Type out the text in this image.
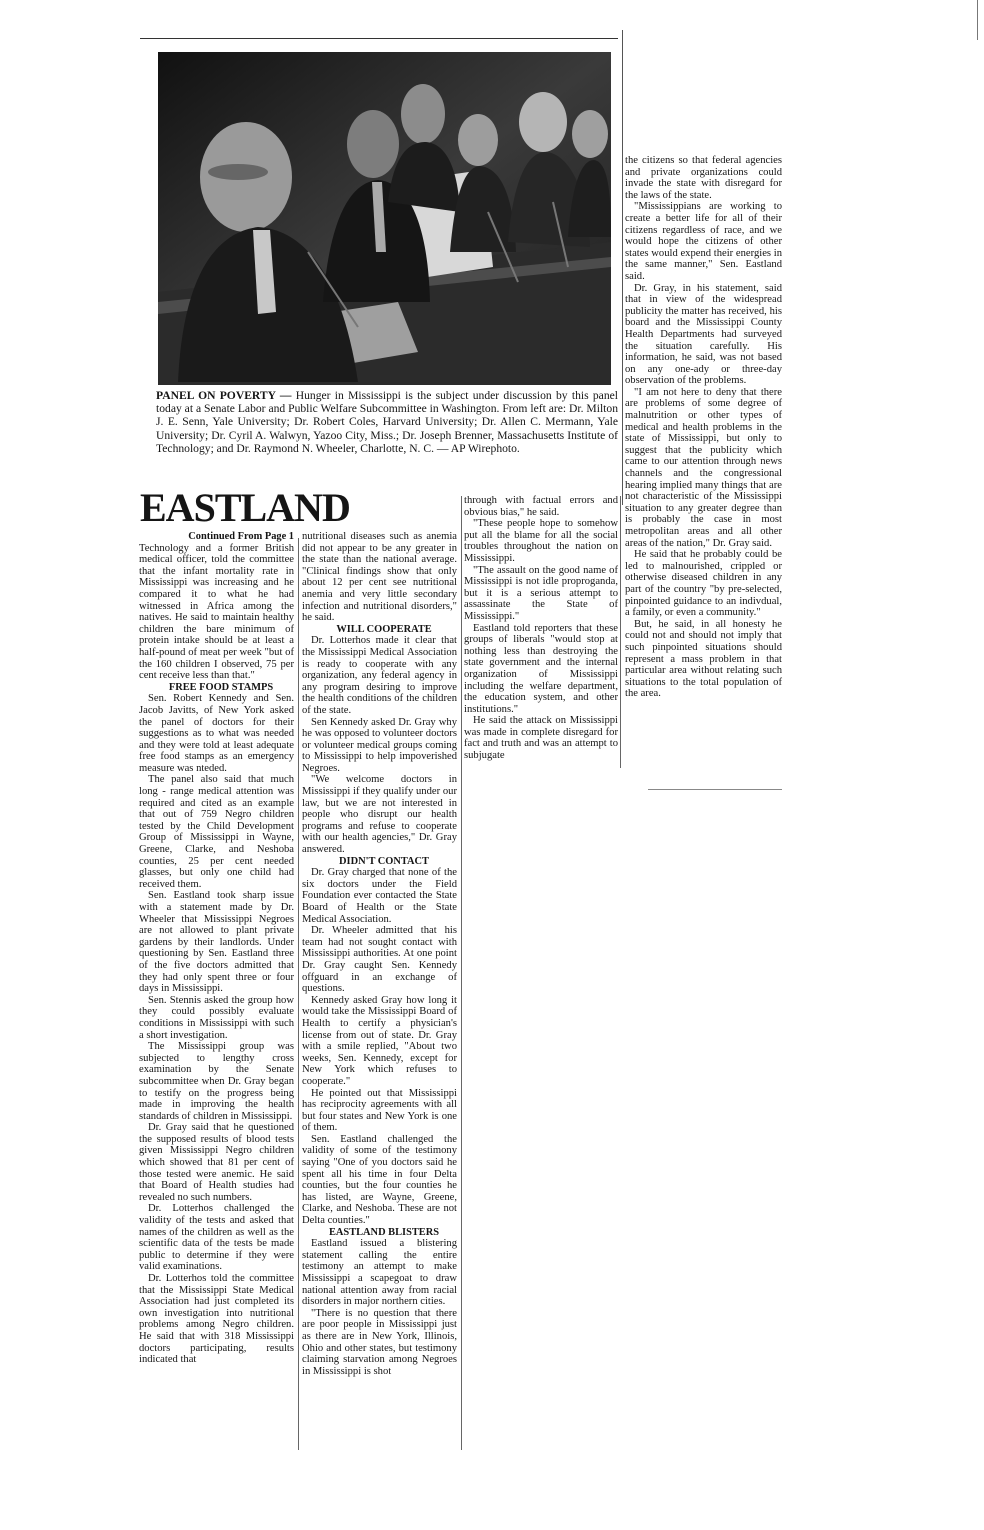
PANEL ON POVERTY — Hunger in Mississippi is the subject under discussion by this panel today at a Senate Labor and Public Welfare Subcommittee in Washington. From left are: Dr. Milton J. E. Senn, Yale University; Dr. Robert Coles, Harvard University; Dr. Allen C. Mermann, Yale University; Dr. Cyril A. Walwyn, Yazoo City, Miss.; Dr. Joseph Brenner, Massachusetts Institute of Technology; and Dr. Raymond N. Wheeler, Charlotte, N. C. — AP Wirephoto.
EASTLAND

Continued From Page 1

Technology and a former British medical officer, told the committee that the infant mortality rate in Mississippi was increasing and he compared it to what he had witnessed in Africa among the natives. He said to maintain healthy children the bare minimum of protein intake should be at least a half-pound of meat per week "but of the 160 children I observed, 75 per cent receive less than that."

FREE FOOD STAMPS

Sen. Robert Kennedy and Sen. Jacob Javitts, of New York asked the panel of doctors for their suggestions as to what was needed and they were told at least adequate free food stamps as an emergency measure was nteded.

The panel also said that much long - range medical attention was required and cited as an example that out of 759 Negro children tested by the Child Development Group of Mississippi in Wayne, Greene, Clarke, and Neshoba counties, 25 per cent needed glasses, but only one child had received them.

Sen. Eastland took sharp issue with a statement made by Dr. Wheeler that Mississippi Negroes are not allowed to plant private gardens by their landlords. Under questioning by Sen. Eastland three of the five doctors admitted that they had only spent three or four days in Mississippi.

Sen. Stennis asked the group how they could possibly evaluate conditions in Mississippi with such a short investigation.

The Mississippi group was subjected to lengthy cross examination by the Senate subcommittee when Dr. Gray began to testify on the progress being made in improving the health standards of children in Mississippi.

Dr. Gray said that he questioned the supposed results of blood tests given Mississippi Negro children which showed that 81 per cent of those tested were anemic. He said that Board of Health studies had revealed no such numbers.

Dr. Lotterhos challenged the validity of the tests and asked that names of the children as well as the scientific data of the tests be made public to determine if they were valid examinations.

Dr. Lotterhos told the committee that the Mississippi State Medical Association had just completed its own investigation into nutritional problems among Negro children. He said that with 318 Mississippi doctors participating, results indicated that

nutritional diseases such as anemia did not appear to be any greater in the state than the national average. "Clinical findings show that only about 12 per cent see nutritional anemia and very little secondary infection and nutritional disorders," he said.

WILL COOPERATE

Dr. Lotterhos made it clear that the Mississippi Medical Association is ready to cooperate with any organization, any federal agency in any program desiring to improve the health conditions of the children of the state.

Sen Kennedy asked Dr. Gray why he was opposed to volunteer doctors or volunteer medical groups coming to Mississippi to help impoverished Negroes.

"We welcome doctors in Mississippi if they qualify under our law, but we are not interested in people who disrupt our health programs and refuse to cooperate with our health agencies," Dr. Gray answered.

DIDN'T CONTACT

Dr. Gray charged that none of the six doctors under the Field Foundation ever contacted the State Board of Health or the State Medical Association.

Dr. Wheeler admitted that his team had not sought contact with Mississippi authorities. At one point Dr. Gray caught Sen. Kennedy offguard in an exchange of questions.

Kennedy asked Gray how long it would take the Mississippi Board of Health to certify a physician's license from out of state. Dr. Gray with a smile replied, "About two weeks, Sen. Kennedy, except for New York which refuses to cooperate."

He pointed out that Mississippi has reciprocity agreements with all but four states and New York is one of them.

Sen. Eastland challenged the validity of some of the testimony saying "One of you doctors said he spent all his time in four Delta counties, but the four counties he has listed, are Wayne, Greene, Clarke, and Neshoba. These are not Delta counties."

EASTLAND BLISTERS

Eastland issued a blistering statement calling the entire testimony an attempt to make Mississippi a scapegoat to draw national attention away from racial disorders in major northern cities.

"There is no question that there are poor people in Mississippi just as there are in New York, Illinois, Ohio and other states, but testimony claiming starvation among Negroes in Mississippi is shot

through with factual errors and obvious bias," he said.

"These people hope to somehow put all the blame for all the social troubles throughout the nation on Mississippi.

"The assault on the good name of Mississippi is not idle proproganda, but it is a serious attempt to assassinate the State of Mississippi."

Eastland told reporters that these groups of liberals "would stop at nothing less than destroying the state government and the internal organization of Mississippi including the welfare department, the education system, and other institutions."

He said the attack on Mississippi was made in complete disregard for fact and truth and was an attempt to subjugate

the citizens so that federal agencies and private organizations could invade the state with disregard for the laws of the state.

"Mississippians are working to create a better life for all of their citizens regardless of race, and we would hope the citizens of other states would expend their energies in the same manner," Sen. Eastland said.

Dr. Gray, in his statement, said that in view of the widespread publicity the matter has received, his board and the Mississippi County Health Departments had surveyed the situation carefully. His information, he said, was not based on any one-ady or three-day observation of the problems.

"I am not here to deny that there are problems of some degree of malnutrition or other types of medical and health problems in the state of Mississippi, but only to suggest that the publicity which came to our attention through news channels and the congressional hearing implied many things that are not characteristic of the Mississippi situation to any greater degree than is probably the case in most metropolitan areas and all other areas of the nation," Dr. Gray said.

He said that he probably could be led to malnourished, crippled or otherwise diseased children in any part of the country "by pre-selected, pinpointed guidance to an indivdual, a family, or even a community."

But, he said, in all honesty he could not and should not imply that such pinpointed situations should represent a mass problem in that particular area without relating such situations to the total population of the area.
